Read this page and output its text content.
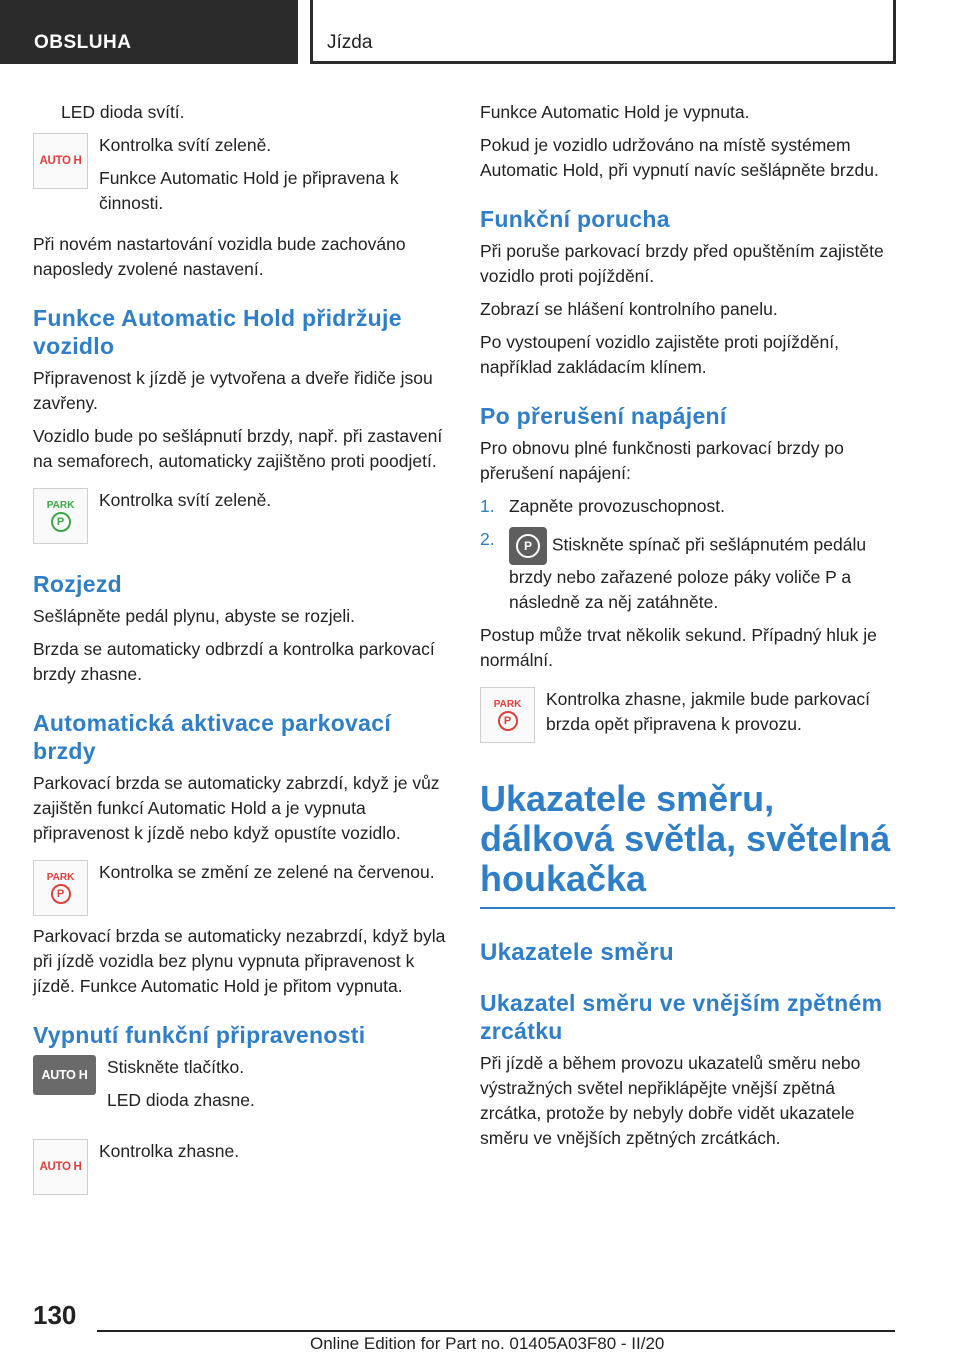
OBSLUHA	Jízda

LED dioda svítí.

AUTO H

Kontrolka svítí zeleně.

Funkce Automatic Hold je připravena k činnosti.

Při novém nastartování vozidla bude zachováno naposledy zvolené nastavení.

Funkce Automatic Hold přidržuje vozidlo

Připravenost k jízdě je vytvořena a dveře řidiče jsou zavřeny.

Vozidlo bude po sešlápnutí brzdy, např. při zastavení na semaforech, automaticky zajištěno proti poodjetí.

PARK
P

Kontrolka svítí zeleně.

Rozjezd

Sešlápněte pedál plynu, abyste se rozjeli.

Brzda se automaticky odbrzdí a kontrolka parkovací brzdy zhasne.

Automatická aktivace parkovací brzdy

Parkovací brzda se automaticky zabrzdí, když je vůz zajištěn funkcí Automatic Hold a je vypnuta připravenost k jízdě nebo když opustíte vozidlo.

PARK
P

Kontrolka se změní ze zelené na červenou.

Parkovací brzda se automaticky nezabrzdí, když byla při jízdě vozidla bez plynu vypnuta připravenost k jízdě. Funkce Automatic Hold je přitom vypnuta.

Vypnutí funkční připravenosti
AUTO H	Stiskněte tlačítko.

LED dioda zhasne.

AUTO H

Kontrolka zhasne.

Funkce Automatic Hold je vypnuta.

Pokud je vozidlo udržováno na místě systémem Automatic Hold, při vypnutí navíc sešlápněte brzdu.

Funkční porucha

Při poruše parkovací brzdy před opuštěním zajistěte vozidlo proti pojíždění.

Zobrazí se hlášení kontrolního panelu.

Po vystoupení vozidlo zajistěte proti pojíždění, například zakládacím klínem.

Po přerušení napájení

Pro obnovu plné funkčnosti parkovací brzdy po přerušení napájení:

1. Zapněte provozuschopnost.
2.	P	Stiskněte spínač při sešlápnutém pedálu brzdy nebo zařazené poloze páky voliče P a následně za něj zatáhněte.

Postup může trvat několik sekund. Případný hluk je normální.

PARK
P

Kontrolka zhasne, jakmile bude parkovací brzda opět připravena k provozu.

Ukazatele směru, dálková světla, světelná houkačka
Ukazatele směru
Ukazatel směru ve vnějším zpětném zrcátku

Při jízdě a během provozu ukazatelů směru nebo výstražných světel nepřiklápějte vnější zpětná zrcátka, protože by nebyly dobře vidět ukazatele směru ve vnějších zpětných zrcátkách.

130
Online Edition for Part no. 01405A03F80 - II/20
